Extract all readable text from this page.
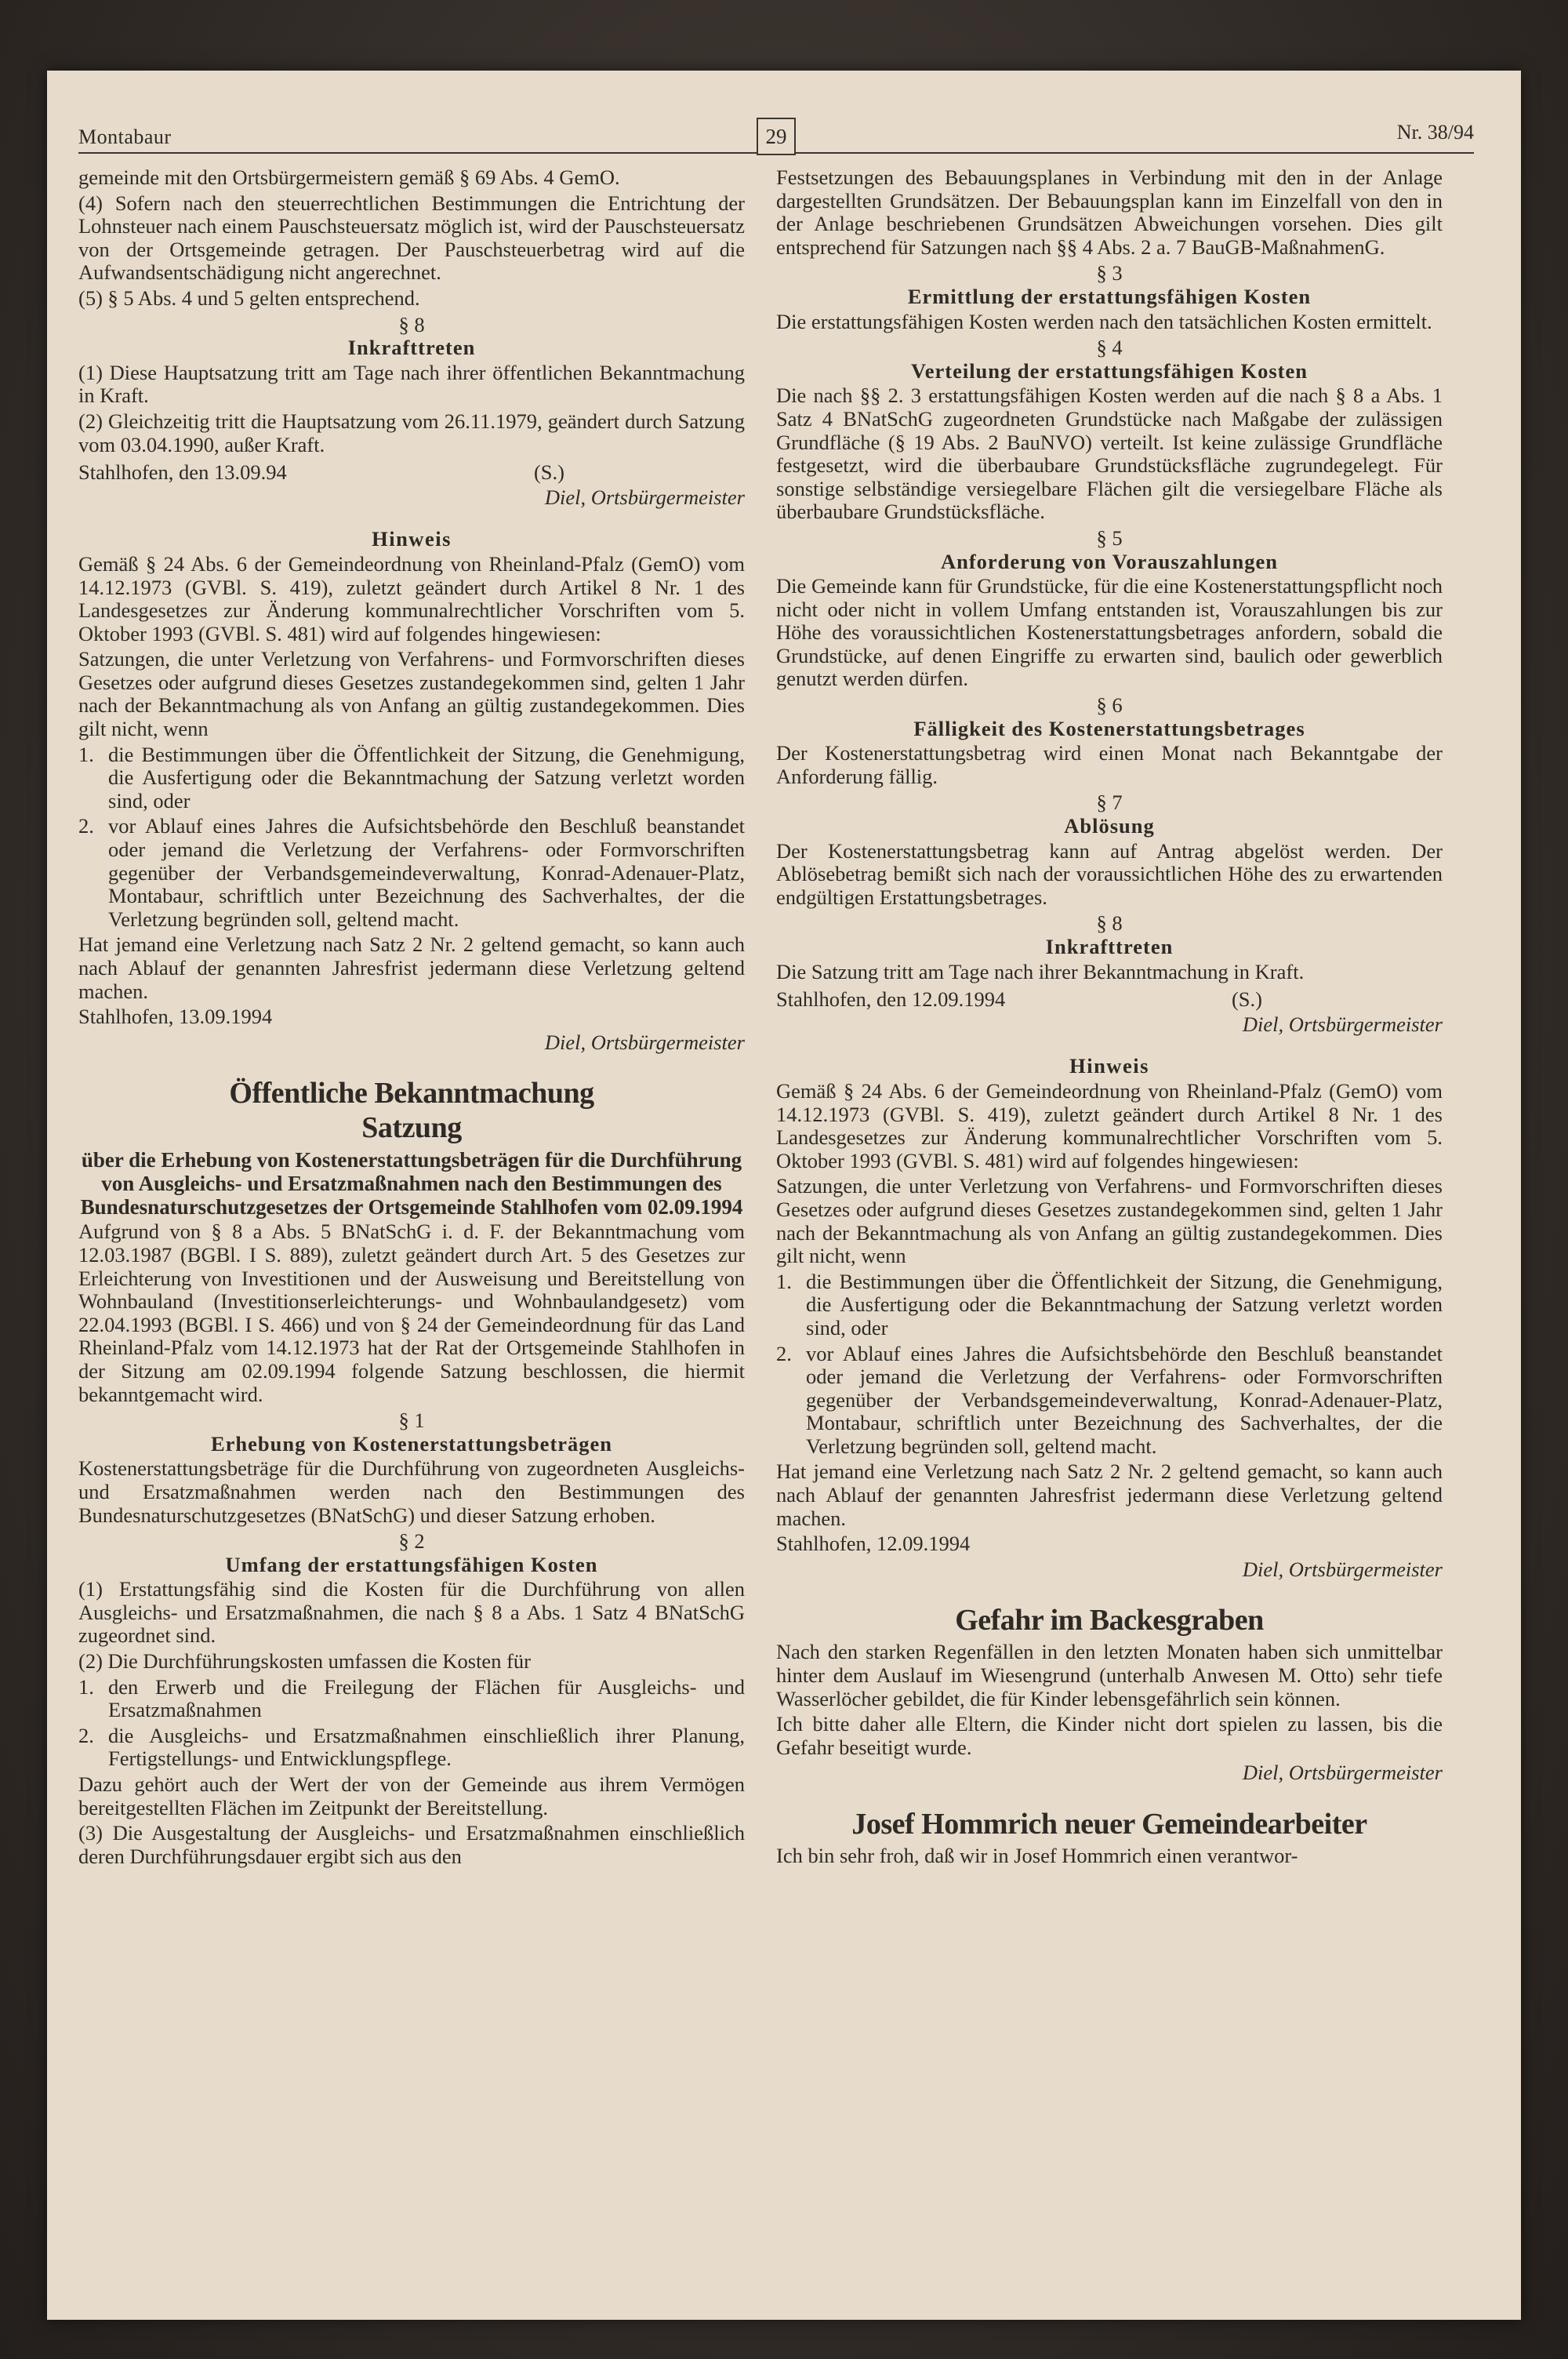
Montabaur	29	Nr. 38/94

gemeinde mit den Ortsbürgermeistern gemäß § 69 Abs. 4 GemO.

(4) Sofern nach den steuerrechtlichen Bestimmungen die Entrichtung der Lohnsteuer nach einem Pauschsteuersatz möglich ist, wird der Pauschsteuersatz von der Ortsgemeinde getragen. Der Pauschsteuerbetrag wird auf die Aufwandsentschädigung nicht angerechnet.

(5) § 5 Abs. 4 und 5 gelten entsprechend.

§ 8
Inkrafttreten

(1) Diese Hauptsatzung tritt am Tage nach ihrer öffentlichen Bekanntmachung in Kraft.

(2) Gleichzeitig tritt die Hauptsatzung vom 26.11.1979, geändert durch Satzung vom 03.04.1990, außer Kraft.

Stahlhofen, den 13.09.94	(S.)
Diel, Ortsbürgermeister
Hinweis

Gemäß § 24 Abs. 6 der Gemeindeordnung von Rheinland-Pfalz (GemO) vom 14.12.1973 (GVBl. S. 419), zuletzt geändert durch Artikel 8 Nr. 1 des Landesgesetzes zur Änderung kommunalrechtlicher Vorschriften vom 5. Oktober 1993 (GVBl. S. 481) wird auf folgendes hingewiesen:

Satzungen, die unter Verletzung von Verfahrens- und Formvorschriften dieses Gesetzes oder aufgrund dieses Gesetzes zustandegekommen sind, gelten 1 Jahr nach der Bekanntmachung als von Anfang an gültig zustandegekommen. Dies gilt nicht, wenn

1. die Bestimmungen über die Öffentlichkeit der Sitzung, die Genehmigung, die Ausfertigung oder die Bekanntmachung der Satzung verletzt worden sind, oder
2. vor Ablauf eines Jahres die Aufsichtsbehörde den Beschluß beanstandet oder jemand die Verletzung der Verfahrens- oder Formvorschriften gegenüber der Verbandsgemeindeverwaltung, Konrad-Adenauer-Platz, Montabaur, schriftlich unter Bezeichnung des Sachverhaltes, der die Verletzung begründen soll, geltend macht.

Hat jemand eine Verletzung nach Satz 2 Nr. 2 geltend gemacht, so kann auch nach Ablauf der genannten Jahresfrist jedermann diese Verletzung geltend machen.

Stahlhofen, 13.09.1994

Diel, Ortsbürgermeister
Öffentliche Bekanntmachung
Satzung
über die Erhebung von Kostenerstattungsbeträgen für die Durchführung von Ausgleichs- und Ersatzmaßnahmen nach den Bestimmungen des Bundesnaturschutzgesetzes der Ortsgemeinde Stahlhofen vom 02.09.1994

Aufgrund von § 8 a Abs. 5 BNatSchG i. d. F. der Bekanntmachung vom 12.03.1987 (BGBl. I S. 889), zuletzt geändert durch Art. 5 des Gesetzes zur Erleichterung von Investitionen und der Ausweisung und Bereitstellung von Wohnbauland (Investitionserleichterungs- und Wohnbaulandgesetz) vom 22.04.1993 (BGBl. I S. 466) und von § 24 der Gemeindeordnung für das Land Rheinland-Pfalz vom 14.12.1973 hat der Rat der Ortsgemeinde Stahlhofen in der Sitzung am 02.09.1994 folgende Satzung beschlossen, die hiermit bekanntgemacht wird.

§ 1
Erhebung von Kostenerstattungsbeträgen

Kostenerstattungsbeträge für die Durchführung von zugeordneten Ausgleichs- und Ersatzmaßnahmen werden nach den Bestimmungen des Bundesnaturschutzgesetzes (BNatSchG) und dieser Satzung erhoben.

§ 2
Umfang der erstattungsfähigen Kosten

(1) Erstattungsfähig sind die Kosten für die Durchführung von allen Ausgleichs- und Ersatzmaßnahmen, die nach § 8 a Abs. 1 Satz 4 BNatSchG zugeordnet sind.

(2) Die Durchführungskosten umfassen die Kosten für

1. den Erwerb und die Freilegung der Flächen für Ausgleichs- und Ersatzmaßnahmen
2. die Ausgleichs- und Ersatzmaßnahmen einschließlich ihrer Planung, Fertigstellungs- und Entwicklungspflege.

Dazu gehört auch der Wert der von der Gemeinde aus ihrem Vermögen bereitgestellten Flächen im Zeitpunkt der Bereitstellung.

(3) Die Ausgestaltung der Ausgleichs- und Ersatzmaßnahmen einschließlich deren Durchführungsdauer ergibt sich aus den

Festsetzungen des Bebauungsplanes in Verbindung mit den in der Anlage dargestellten Grundsätzen. Der Bebauungsplan kann im Einzelfall von den in der Anlage beschriebenen Grundsätzen Abweichungen vorsehen. Dies gilt entsprechend für Satzungen nach §§ 4 Abs. 2 a. 7 BauGB-MaßnahmenG.

§ 3
Ermittlung der erstattungsfähigen Kosten

Die erstattungsfähigen Kosten werden nach den tatsächlichen Kosten ermittelt.

§ 4
Verteilung der erstattungsfähigen Kosten

Die nach §§ 2. 3 erstattungsfähigen Kosten werden auf die nach § 8 a Abs. 1 Satz 4 BNatSchG zugeordneten Grundstücke nach Maßgabe der zulässigen Grundfläche (§ 19 Abs. 2 BauNVO) verteilt. Ist keine zulässige Grundfläche festgesetzt, wird die überbaubare Grundstücksfläche zugrundegelegt. Für sonstige selbständige versiegelbare Flächen gilt die versiegelbare Fläche als überbaubare Grundstücksfläche.

§ 5
Anforderung von Vorauszahlungen

Die Gemeinde kann für Grundstücke, für die eine Kostenerstattungspflicht noch nicht oder nicht in vollem Umfang entstanden ist, Vorauszahlungen bis zur Höhe des voraussichtlichen Kostenerstattungsbetrages anfordern, sobald die Grundstücke, auf denen Eingriffe zu erwarten sind, baulich oder gewerblich genutzt werden dürfen.

§ 6
Fälligkeit des Kostenerstattungsbetrages

Der Kostenerstattungsbetrag wird einen Monat nach Bekanntgabe der Anforderung fällig.

§ 7
Ablösung

Der Kostenerstattungsbetrag kann auf Antrag abgelöst werden. Der Ablösebetrag bemißt sich nach der voraussichtlichen Höhe des zu erwartenden endgültigen Erstattungsbetrages.

§ 8
Inkrafttreten

Die Satzung tritt am Tage nach ihrer Bekanntmachung in Kraft.

Stahlhofen, den 12.09.1994	(S.)
Diel, Ortsbürgermeister
Hinweis

Gemäß § 24 Abs. 6 der Gemeindeordnung von Rheinland-Pfalz (GemO) vom 14.12.1973 (GVBl. S. 419), zuletzt geändert durch Artikel 8 Nr. 1 des Landesgesetzes zur Änderung kommunalrechtlicher Vorschriften vom 5. Oktober 1993 (GVBl. S. 481) wird auf folgendes hingewiesen:

Satzungen, die unter Verletzung von Verfahrens- und Formvorschriften dieses Gesetzes oder aufgrund dieses Gesetzes zustandegekommen sind, gelten 1 Jahr nach der Bekanntmachung als von Anfang an gültig zustandegekommen. Dies gilt nicht, wenn

1. die Bestimmungen über die Öffentlichkeit der Sitzung, die Genehmigung, die Ausfertigung oder die Bekanntmachung der Satzung verletzt worden sind, oder
2. vor Ablauf eines Jahres die Aufsichtsbehörde den Beschluß beanstandet oder jemand die Verletzung der Verfahrens- oder Formvorschriften gegenüber der Verbandsgemeindeverwaltung, Konrad-Adenauer-Platz, Montabaur, schriftlich unter Bezeichnung des Sachverhaltes, der die Verletzung begründen soll, geltend macht.

Hat jemand eine Verletzung nach Satz 2 Nr. 2 geltend gemacht, so kann auch nach Ablauf der genannten Jahresfrist jedermann diese Verletzung geltend machen.

Stahlhofen, 12.09.1994

Diel, Ortsbürgermeister
Gefahr im Backesgraben

Nach den starken Regenfällen in den letzten Monaten haben sich unmittelbar hinter dem Auslauf im Wiesengrund (unterhalb Anwesen M. Otto) sehr tiefe Wasserlöcher gebildet, die für Kinder lebensgefährlich sein können.

Ich bitte daher alle Eltern, die Kinder nicht dort spielen zu lassen, bis die Gefahr beseitigt wurde.

Diel, Ortsbürgermeister
Josef Hommrich neuer Gemeindearbeiter

Ich bin sehr froh, daß wir in Josef Hommrich einen verantwor-
